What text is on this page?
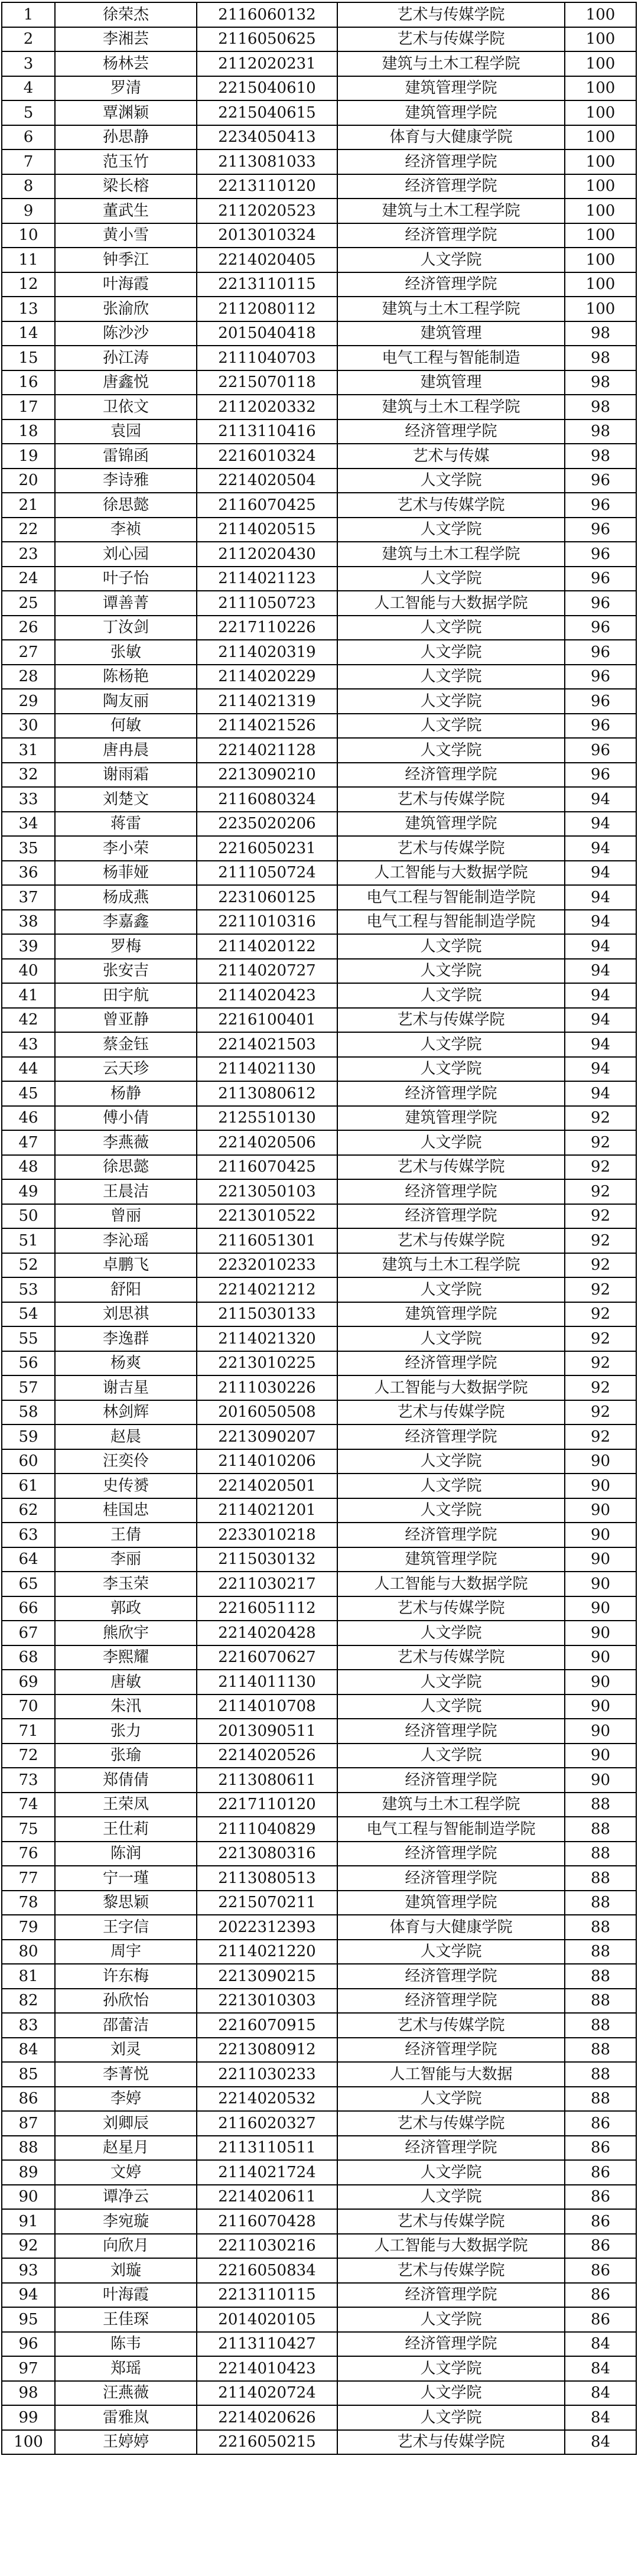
1	徐荣杰	2116060132	艺术与传媒学院	100
2	李湘芸	2116050625	艺术与传媒学院	100
3	杨林芸	2112020231	建筑与土木工程学院	100
4	罗清	2215040610	建筑管理学院	100
5	覃渊颖	2215040615	建筑管理学院	100
6	孙思静	2234050413	体育与大健康学院	100
7	范玉竹	2113081033	经济管理学院	100
8	梁长榕	2213110120	经济管理学院	100
9	董武生	2112020523	建筑与土木工程学院	100
10	黄小雪	2013010324	经济管理学院	100
11	钟季江	2214020405	人文学院	100
12	叶海霞	2213110115	经济管理学院	100
13	张渝欣	2112080112	建筑与土木工程学院	100
14	陈沙沙	2015040418	建筑管理	98
15	孙江涛	2111040703	电气工程与智能制造	98
16	唐鑫悦	2215070118	建筑管理	98
17	卫依文	2112020332	建筑与土木工程学院	98
18	袁园	2113110416	经济管理学院	98
19	雷锦函	2216010324	艺术与传媒	98
20	李诗雅	2214020504	人文学院	96
21	徐思懿	2116070425	艺术与传媒学院	96
22	李祯	2114020515	人文学院	96
23	刘心园	2112020430	建筑与土木工程学院	96
24	叶子怡	2114021123	人文学院	96
25	谭善菁	2111050723	人工智能与大数据学院	96
26	丁汝剑	2217110226	人文学院	96
27	张敏	2114020319	人文学院	96
28	陈杨艳	2114020229	人文学院	96
29	陶友丽	2114021319	人文学院	96
30	何敏	2114021526	人文学院	96
31	唐冉晨	2214021128	人文学院	96
32	谢雨霜	2213090210	经济管理学院	96
33	刘楚文	2116080324	艺术与传媒学院	94
34	蒋雷	2235020206	建筑管理学院	94
35	李小荣	2216050231	艺术与传媒学院	94
36	杨菲娅	2111050724	人工智能与大数据学院	94
37	杨成燕	2231060125	电气工程与智能制造学院	94
38	李嘉鑫	2211010316	电气工程与智能制造学院	94
39	罗梅	2114020122	人文学院	94
40	张安吉	2114020727	人文学院	94
41	田宇航	2114020423	人文学院	94
42	曾亚静	2216100401	艺术与传媒学院	94
43	蔡金钰	2214021503	人文学院	94
44	云天珍	2114021130	人文学院	94
45	杨静	2113080612	经济管理学院	94
46	傅小倩	2125510130	建筑管理学院	92
47	李燕薇	2214020506	人文学院	92
48	徐思懿	2116070425	艺术与传媒学院	92
49	王晨洁	2213050103	经济管理学院	92
50	曾丽	2213010522	经济管理学院	92
51	李沁瑶	2116051301	艺术与传媒学院	92
52	卓鹏飞	2232010233	建筑与土木工程学院	92
53	舒阳	2214021212	人文学院	92
54	刘思祺	2115030133	建筑管理学院	92
55	李逸群	2114021320	人文学院	92
56	杨爽	2213010225	经济管理学院	92
57	谢吉星	2111030226	人工智能与大数据学院	92
58	林剑辉	2016050508	艺术与传媒学院	92
59	赵晨	2213090207	经济管理学院	92
60	汪奕伶	2114010206	人文学院	90
61	史传赟	2214020501	人文学院	90
62	桂国忠	2114021201	人文学院	90
63	王倩	2233010218	经济管理学院	90
64	李丽	2115030132	建筑管理学院	90
65	李玉荣	2211030217	人工智能与大数据学院	90
66	郭政	2216051112	艺术与传媒学院	90
67	熊欣宇	2214020428	人文学院	90
68	李熙耀	2216070627	艺术与传媒学院	90
69	唐敏	2114011130	人文学院	90
70	朱汛	2114010708	人文学院	90
71	张力	2013090511	经济管理学院	90
72	张瑜	2214020526	人文学院	90
73	郑倩倩	2113080611	经济管理学院	90
74	王荣凤	2217110120	建筑与土木工程学院	88
75	王仕莉	2111040829	电气工程与智能制造学院	88
76	陈润	2213080316	经济管理学院	88
77	宁一瑾	2113080513	经济管理学院	88
78	黎思颖	2215070211	建筑管理学院	88
79	王字信	2022312393	体育与大健康学院	88
80	周宇	2114021220	人文学院	88
81	许东梅	2213090215	经济管理学院	88
82	孙欣怡	2213010303	经济管理学院	88
83	邵蕾洁	2216070915	艺术与传媒学院	88
84	刘灵	2213080912	经济管理学院	88
85	李菁悦	2211030233	人工智能与大数据	88
86	李婷	2214020532	人文学院	88
87	刘卿辰	2116020327	艺术与传媒学院	86
88	赵星月	2113110511	经济管理学院	86
89	文婷	2114021724	人文学院	86
90	谭净云	2214020611	人文学院	86
91	李宛璇	2116070428	艺术与传媒学院	86
92	向欣月	2211030216	人工智能与大数据学院	86
93	刘璇	2216050834	艺术与传媒学院	86
94	叶海霞	2213110115	经济管理学院	86
95	王佳琛	2014020105	人文学院	86
96	陈韦	2113110427	经济管理学院	84
97	郑瑶	2214010423	人文学院	84
98	汪燕薇	2114020724	人文学院	84
99	雷雅岚	2214020626	人文学院	84
100	王婷婷	2216050215	艺术与传媒学院	84
